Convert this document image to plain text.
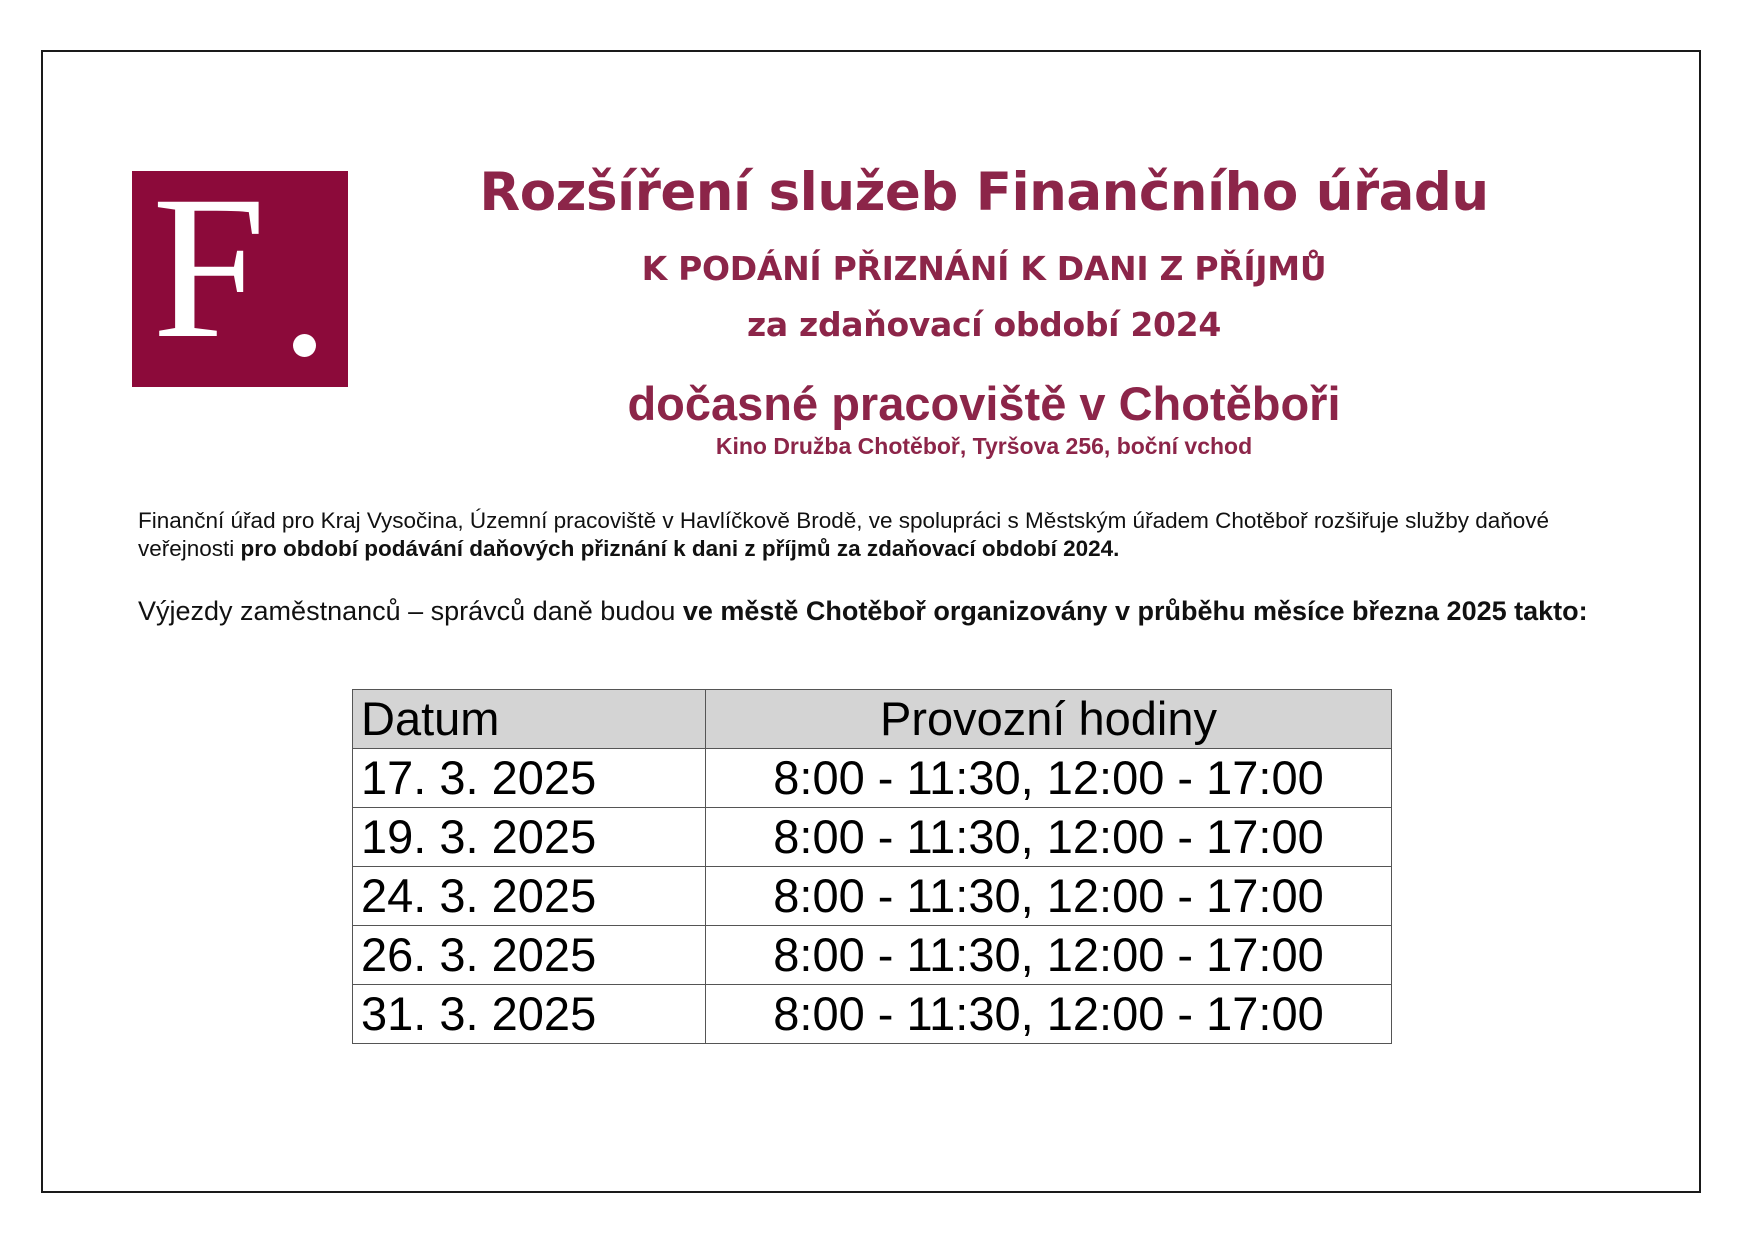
F	Rozšíření služeb Finančního úřadu
K PODÁNÍ PŘIZNÁNÍ K DANI Z PŘÍJMŮ
za zdaňovací období 2024
dočasné pracoviště v Chotěboři
Kino Družba Chotěboř, Tyršova 256, boční vchod
Finanční úřad pro Kraj Vysočina, Územní pracoviště v Havlíčkově Brodě, ve spolupráci s Městským úřadem Chotěboř rozšiřuje služby daňové veřejnosti pro období podávání daňových přiznání k dani z příjmů za zdaňovací období 2024.
Výjezdy zaměstnanců – správců daně budou ve městě Chotěboř organizovány v průběhu měsíce března 2025 takto:
Datum	Provozní hodiny
17. 3. 2025	8:00 - 11:30, 12:00 - 17:00
19. 3. 2025	8:00 - 11:30, 12:00 - 17:00
24. 3. 2025	8:00 - 11:30, 12:00 - 17:00
26. 3. 2025	8:00 - 11:30, 12:00 - 17:00
31. 3. 2025	8:00 - 11:30, 12:00 - 17:00
